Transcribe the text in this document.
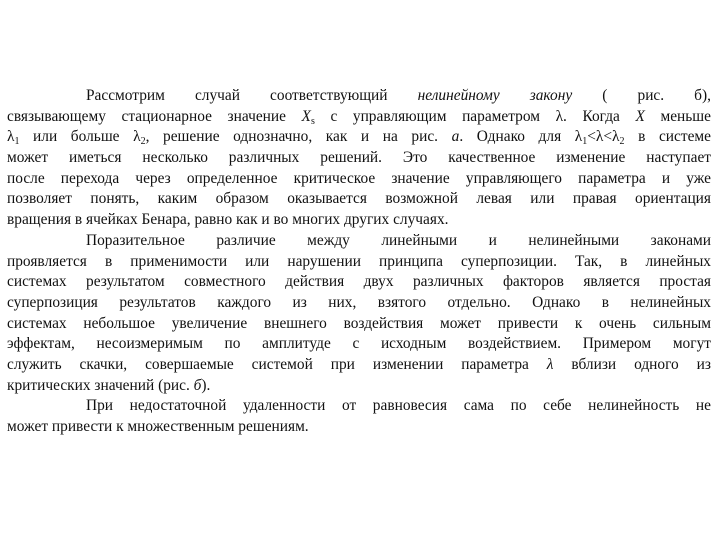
Рассмотрим случай соответствующий нелинейному закону ( рис. б),
связывающему стационарное значение $X_s$ с управляющим параметром λ. Когда X меньше
$\lambda_1$ или больше $\lambda_2$, решение однозначно, как и на рис. а. Однако для $\lambda_1<\lambda<\lambda_2$ в системе
может иметься несколько различных решений. Это качественное изменение наступает
после перехода через определенное критическое значение управляющего параметра и уже
позволяет понять, каким образом оказывается возможной левая или правая ориентация
вращения в ячейках Бенара, равно как и во многих других случаях.
Поразительное различие между линейными и нелинейными законами
проявляется в применимости или нарушении принципа суперпозиции. Так, в линейных
системах результатом совместного действия двух различных факторов является простая
суперпозиция результатов каждого из них, взятого отдельно. Однако в нелинейных
системах небольшое увеличение внешнего воздействия может привести к очень сильным
эффектам, несоизмеримым по амплитуде с исходным воздействием. Примером могут
служить скачки, совершаемые системой при изменении параметра λ вблизи одного из
критических значений (рис. б).
При недостаточной удаленности от равновесия сама по себе нелинейность не
может привести к множественным решениям.
